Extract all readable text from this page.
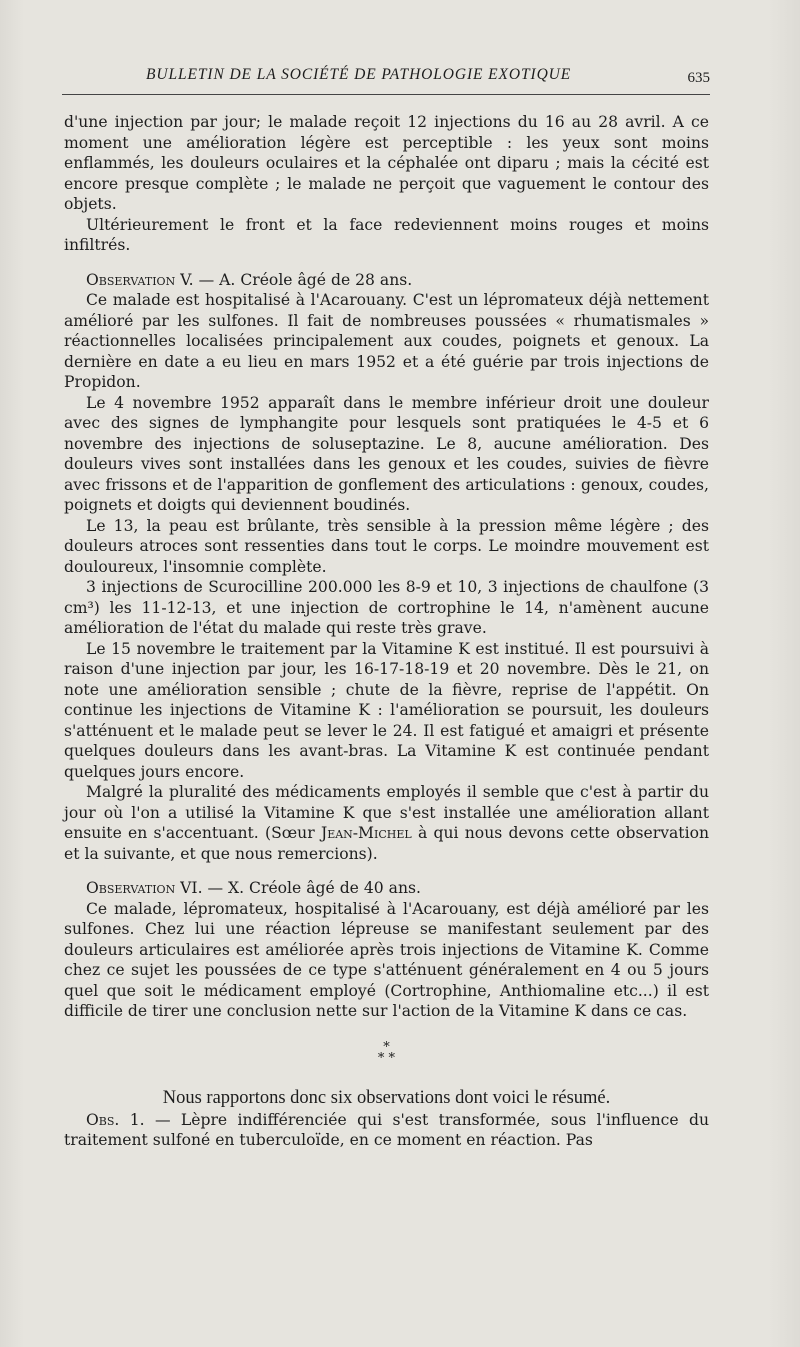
BULLETIN DE LA SOCIÉTÉ DE PATHOLOGIE EXOTIQUE	635

d'une injection par jour; le malade reçoit 12 injections du 16 au 28 avril. A ce moment une amélioration légère est perceptible : les yeux sont moins enflammés, les douleurs oculaires et la céphalée ont diparu ; mais la cécité est encore presque complète ; le malade ne perçoit que vaguement le contour des objets.

Ultérieurement le front et la face redeviennent moins rouges et moins infiltrés.

Observation V. — A. Créole âgé de 28 ans.

Ce malade est hospitalisé à l'Acarouany. C'est un lépromateux déjà nettement amélioré par les sulfones. Il fait de nombreuses poussées « rhumatismales » réactionnelles localisées principalement aux coudes, poignets et genoux. La dernière en date a eu lieu en mars 1952 et a été guérie par trois injections de Propidon.

Le 4 novembre 1952 apparaît dans le membre inférieur droit une douleur avec des signes de lymphangite pour lesquels sont pratiquées le 4-5 et 6 novembre des injections de soluseptazine. Le 8, aucune amélioration. Des douleurs vives sont installées dans les genoux et les coudes, suivies de fièvre avec frissons et de l'apparition de gonflement des articulations : genoux, coudes, poignets et doigts qui deviennent boudinés.

Le 13, la peau est brûlante, très sensible à la pression même légère ; des douleurs atroces sont ressenties dans tout le corps. Le moindre mouvement est douloureux, l'insomnie complète.

3 injections de Scurocilline 200.000 les 8-9 et 10, 3 injections de chaulfone (3 cm³) les 11-12-13, et une injection de cortrophine le 14, n'amènent aucune amélioration de l'état du malade qui reste très grave.

Le 15 novembre le traitement par la Vitamine K est institué. Il est poursuivi à raison d'une injection par jour, les 16-17-18-19 et 20 novembre. Dès le 21, on note une amélioration sensible ; chute de la fièvre, reprise de l'appétit. On continue les injections de Vitamine K : l'amélioration se poursuit, les douleurs s'atténuent et le malade peut se lever le 24. Il est fatigué et amaigri et présente quelques douleurs dans les avant-bras. La Vitamine K est continuée pendant quelques jours encore.

Malgré la pluralité des médicaments employés il semble que c'est à partir du jour où l'on a utilisé la Vitamine K que s'est installée une amélioration allant ensuite en s'accentuant. (Sœur Jean-Michel à qui nous devons cette observation et la suivante, et que nous remercions).

Observation VI. — X. Créole âgé de 40 ans.

Ce malade, lépromateux, hospitalisé à l'Acarouany, est déjà amélioré par les sulfones. Chez lui une réaction lépreuse se manifestant seulement par des douleurs articulaires est améliorée après trois injections de Vitamine K. Comme chez ce sujet les poussées de ce type s'atténuent généralement en 4 ou 5 jours quel que soit le médicament employé (Cortrophine, Anthiomaline etc...) il est difficile de tirer une conclusion nette sur l'action de la Vitamine K dans ce cas.

*
* *
Nous rapportons donc six observations dont voici le résumé.

Obs. 1. — Lèpre indifférenciée qui s'est transformée, sous l'influence du traitement sulfoné en tuberculoïde, en ce moment en réaction. Pas
